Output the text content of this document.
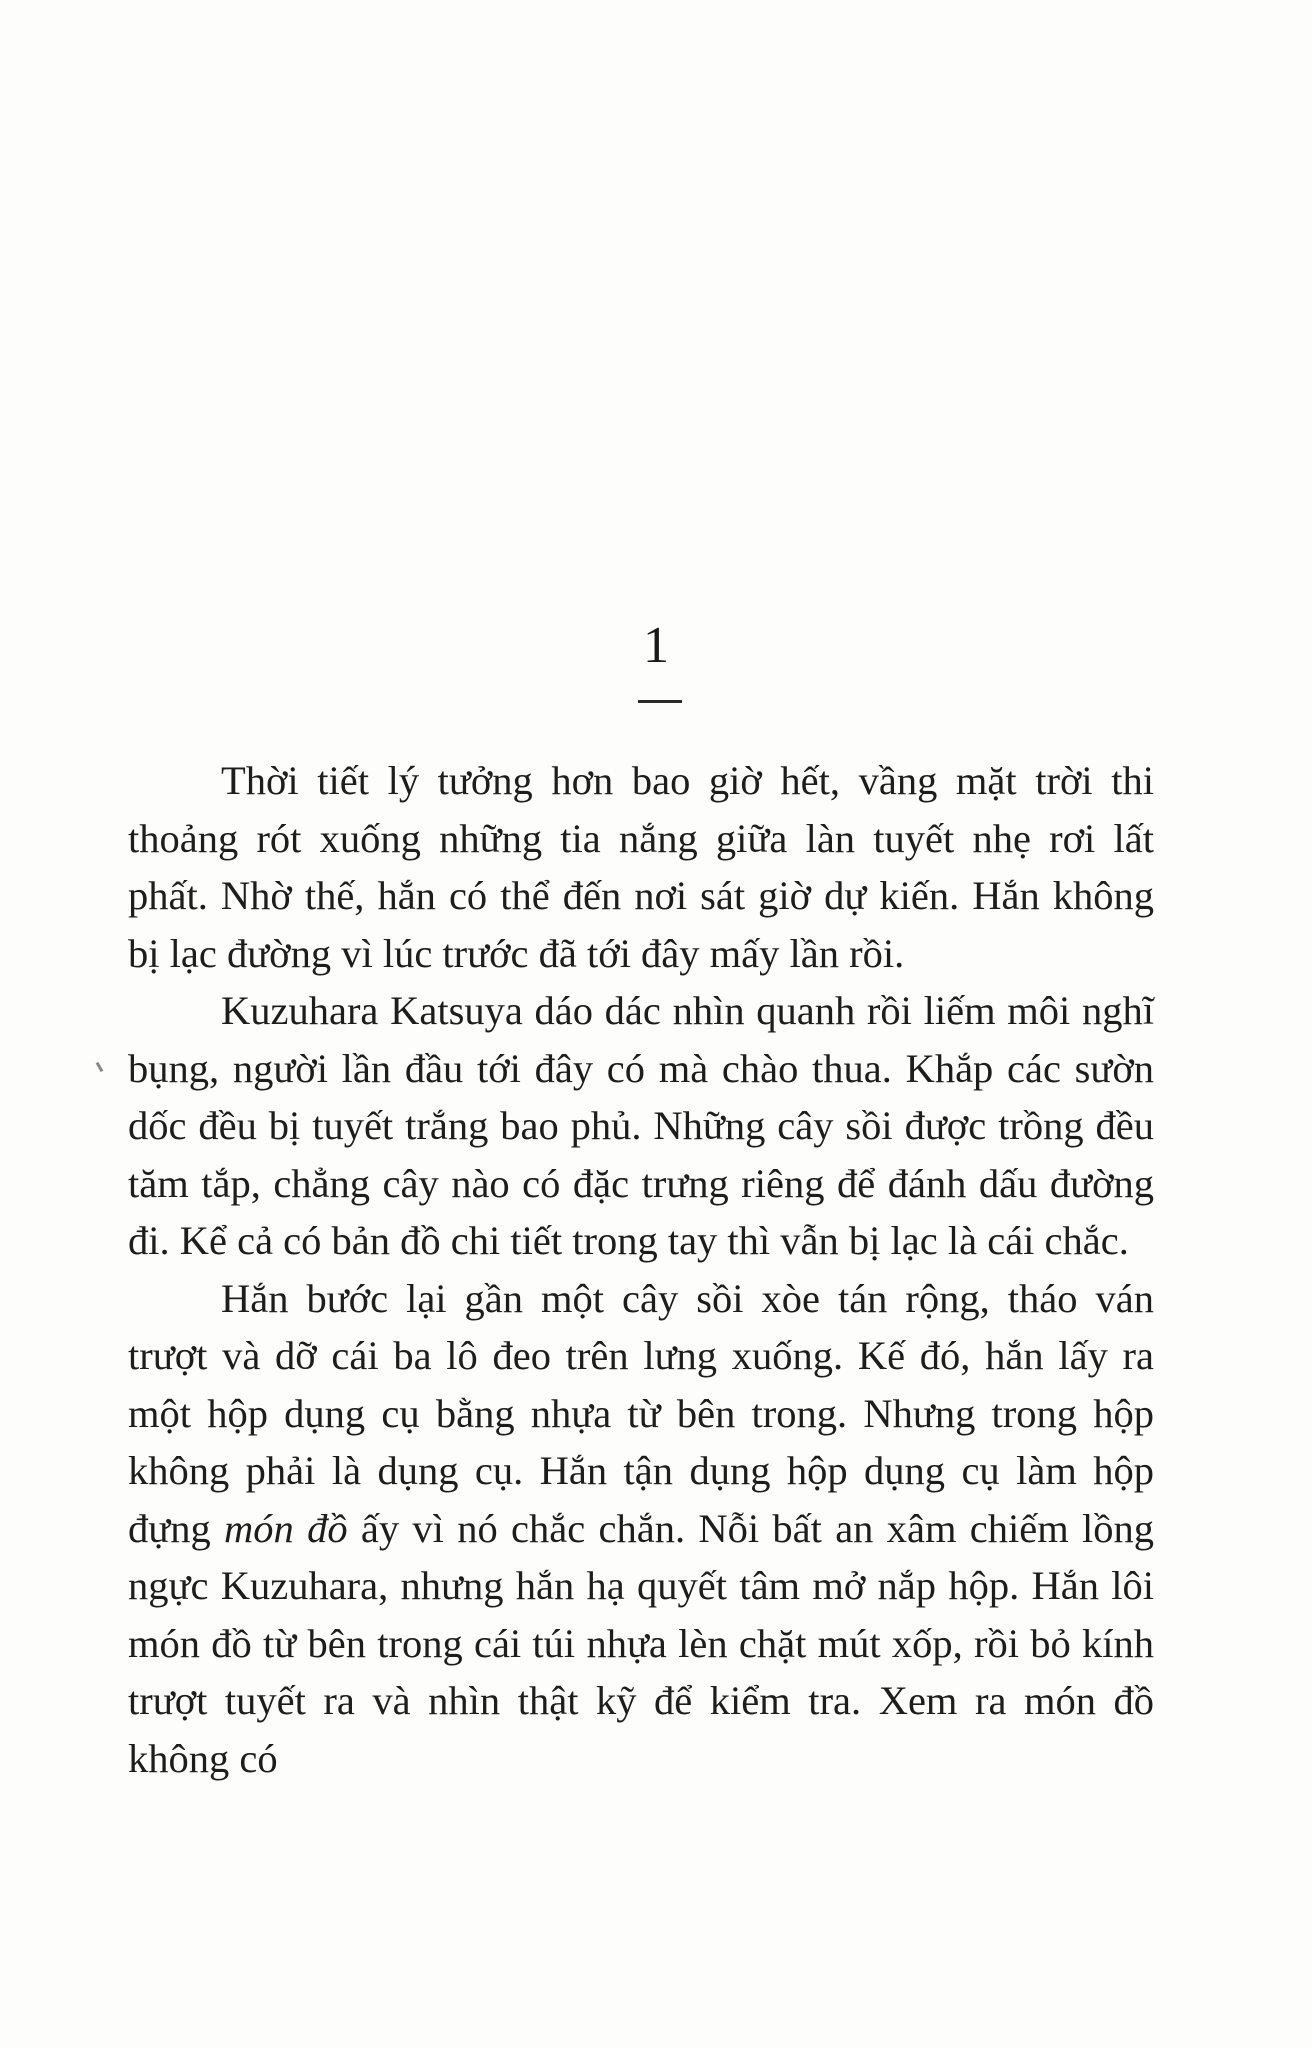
1

Thời tiết lý tưởng hơn bao giờ hết, vầng mặt trời thi thoảng rót xuống những tia nắng giữa làn tuyết nhẹ rơi lất phất. Nhờ thế, hắn có thể đến nơi sát giờ dự kiến. Hắn không bị lạc đường vì lúc trước đã tới đây mấy lần rồi.

Kuzuhara Katsuya dáo dác nhìn quanh rồi liếm môi nghĩ bụng, người lần đầu tới đây có mà chào thua. Khắp các sườn dốc đều bị tuyết trắng bao phủ. Những cây sồi được trồng đều tăm tắp, chẳng cây nào có đặc trưng riêng để đánh dấu đường đi. Kể cả có bản đồ chi tiết trong tay thì vẫn bị lạc là cái chắc.

Hắn bước lại gần một cây sồi xòe tán rộng, tháo ván trượt và dỡ cái ba lô đeo trên lưng xuống. Kế đó, hắn lấy ra một hộp dụng cụ bằng nhựa từ bên trong. Nhưng trong hộp không phải là dụng cụ. Hắn tận dụng hộp dụng cụ làm hộp đựng món đồ ấy vì nó chắc chắn. Nỗi bất an xâm chiếm lồng ngực Kuzuhara, nhưng hắn hạ quyết tâm mở nắp hộp. Hắn lôi món đồ từ bên trong cái túi nhựa lèn chặt mút xốp, rồi bỏ kính trượt tuyết ra và nhìn thật kỹ để kiểm tra. Xem ra món đồ không có
